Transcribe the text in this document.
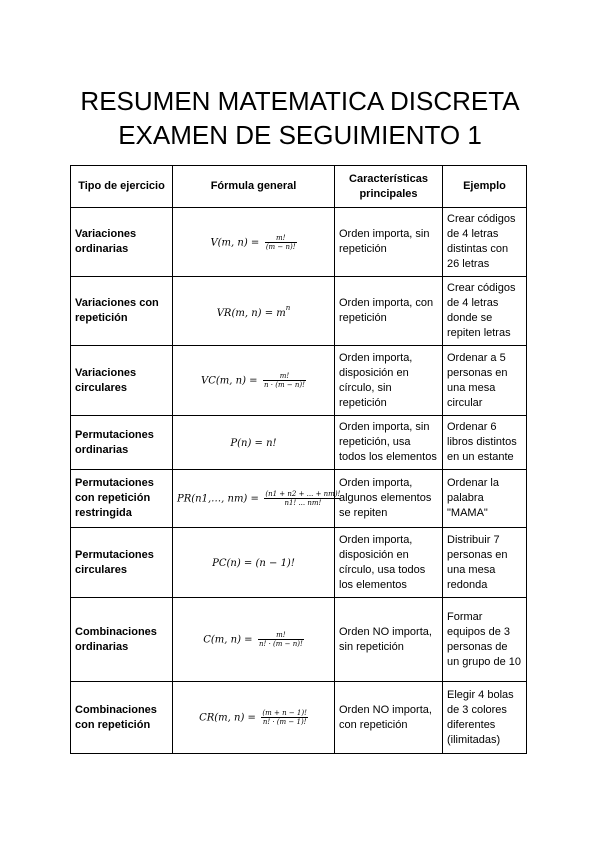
RESUMEN MATEMATICA DISCRETA
EXAMEN DE SEGUIMIENTO 1
Tipo de ejercicio	Fórmula general	Características principales	Ejemplo
Variaciones ordinarias	V(m, $n) = \frac{m!}{(m - n)!}$	Orden importa, sin repetición	Crear códigos de 4 letras distintas con 26 letras
Variaciones con repetición	VR(m, $n) = m^n$	Orden importa, con repetición	Crear códigos de 4 letras donde se repiten letras
Variaciones circulares	VC(m, $n) = \frac{m!}{n \cdot (m - n)!}$	Orden importa, disposición en círculo, sin repetición	Ordenar a 5 personas en una mesa circular
Permutaciones ordinarias	P(n) = n!	Orden importa, sin repetición, usa todos los elementos	Ordenar 6 libros distintos en un estante
Permutaciones con repetición restringida	PR(n1,…, $nm) = \frac{(n1 + n2 + ... + nm)!}{n1! ... nm!}$	Orden importa, algunos elementos se repiten	Ordenar la palabra "MAMA"
Permutaciones circulares	PC(n) = (n − 1)!	Orden importa, disposición en círculo, usa todos los elementos	Distribuir 7 personas en una mesa redonda
Combinaciones ordinarias	C(m, $n) = \frac{m!}{n! \cdot (m - n)!}$	Orden NO importa, sin repetición	Formar equipos de 3 personas de un grupo de 10
Combinaciones con repetición	CR(m, $n) = \frac{(m + n - 1)!}{n! \cdot (m - 1)!}$	Orden NO importa, con repetición	Elegir 4 bolas de 3 colores diferentes (ilimitadas)
